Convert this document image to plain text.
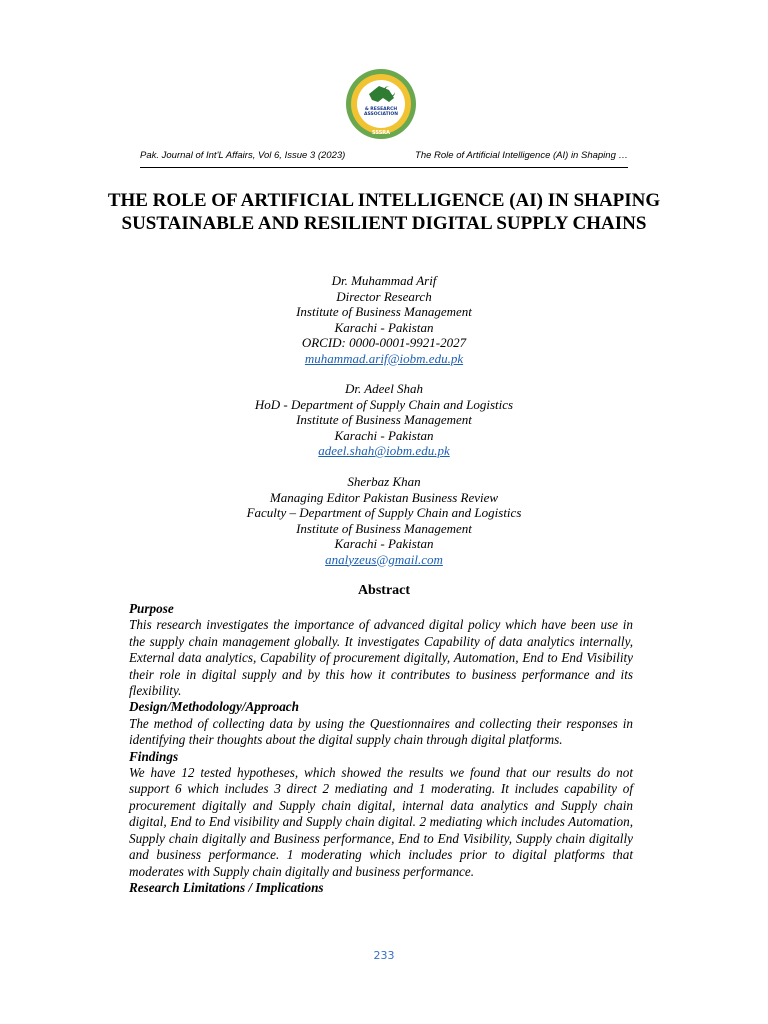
& RESEARCH
ASSOCIATION
SSSRA
Pak. Journal of Int'L Affairs, Vol 6, Issue 3 (2023)	The Role of Artificial Intelligence (AI) in Shaping …
THE ROLE OF ARTIFICIAL INTELLIGENCE (AI) IN SHAPING SUSTAINABLE AND RESILIENT DIGITAL SUPPLY CHAINS
Dr. Muhammad Arif
Director Research
Institute of Business Management
Karachi - Pakistan
ORCID: 0000-0001-9921-2027
muhammad.arif@iobm.edu.pk
Dr. Adeel Shah
HoD - Department of Supply Chain and Logistics
Institute of Business Management
Karachi - Pakistan
adeel.shah@iobm.edu.pk
Sherbaz Khan
Managing Editor Pakistan Business Review
Faculty – Department of Supply Chain and Logistics
Institute of Business Management
Karachi - Pakistan
analyzeus@gmail.com
Abstract
Purpose
This research investigates the importance of advanced digital policy which have been use in the supply chain management globally. It investigates Capability of data analytics internally, External data analytics, Capability of procurement digitally, Automation, End to End Visibility their role in digital supply and by this how it contributes to business performance and its flexibility.
Design/Methodology/Approach
The method of collecting data by using the Questionnaires and collecting their responses in identifying their thoughts about the digital supply chain through digital platforms.
Findings
We have 12 tested hypotheses, which showed the results we found that our results do not support 6 which includes 3 direct 2 mediating and 1 moderating. It includes capability of procurement digitally and Supply chain digital, internal data analytics and Supply chain digital, End to End visibility and Supply chain digital. 2 mediating which includes Automation, Supply chain digitally and Business performance, End to End Visibility, Supply chain digitally and business performance. 1 moderating which includes prior to digital platforms that moderates with Supply chain digitally and business performance.
Research Limitations / Implications
233
